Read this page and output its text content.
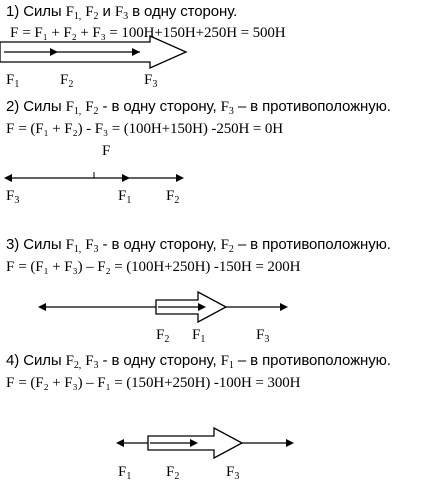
1) Силы $F_{1,}$ $F_2$ и $F_3$ в одну сторону.
F = F₁ + F₂ + F₃ = 100Н+150Н+250Н = 500Н
$F_1$	$F_2$	$F_3$
2) Силы $F_{1,}$ $F_2$ - в одну сторону, $F_3$ – в противоположную.
F = (F₁ + F₂) - F₃ = (100Н+150Н) -250Н = 0Н
F
$F_3$	$F_1$ $F_2$
3) Силы $F_{1,}$ $F_3$ - в одну сторону, $F_2$ – в противоположную.
F = (F₁ + F₃) – F₂ = (100Н+250Н) -150Н = 200Н
$F_2$ $F_1$	$F_3$
4) Силы $F_{2,}$ $F_3$ - в одну сторону, $F_1$ – в противоположную.
F = (F₂ + F₃) – F₁ = (150Н+250Н) -100Н = 300Н
$F_1$ $F_2$	$F_3$
